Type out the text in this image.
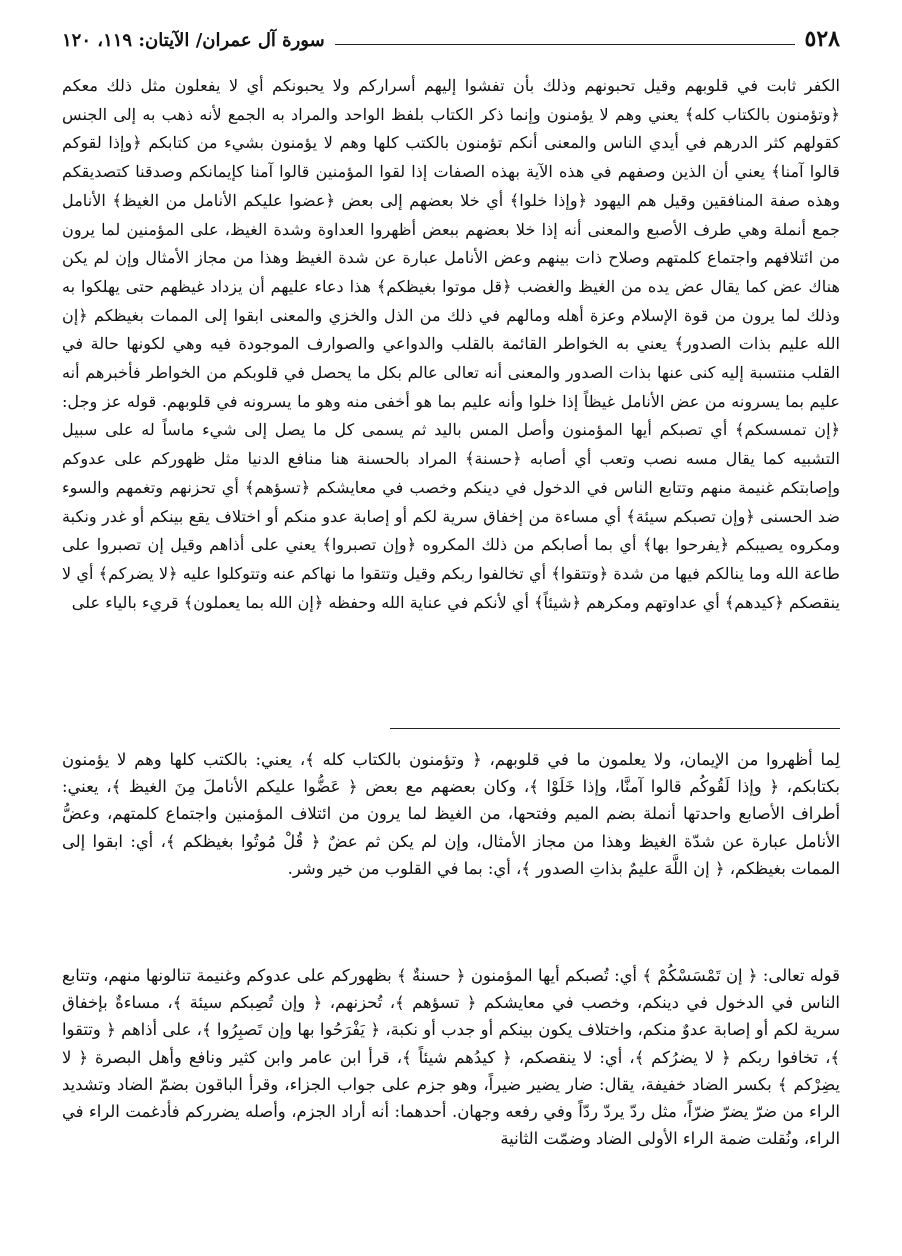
٥٢٨
سورة آل عمران/ الآيتان: ١١٩، ١٢٠

الكفر ثابت في قلوبهم وقيل تحبونهم وذلك بأن تفشوا إليهم أسراركم ولا يحبونكم أي لا يفعلون مثل ذلك معكم ﴿وتؤمنون بالكتاب كله﴾ يعني وهم لا يؤمنون وإنما ذكر الكتاب بلفظ الواحد والمراد به الجمع لأنه ذهب به إلى الجنس كقولهم كثر الدرهم في أيدي الناس والمعنى أنكم تؤمنون بالكتب كلها وهم لا يؤمنون بشيء من كتابكم ﴿وإذا لقوكم قالوا آمنا﴾ يعني أن الذين وصفهم في هذه الآية بهذه الصفات إذا لقوا المؤمنين قالوا آمنا كإيمانكم وصدقنا كتصديقكم وهذه صفة المنافقين وقيل هم اليهود ﴿وإذا خلوا﴾ أي خلا بعضهم إلى بعض ﴿عضوا عليكم الأنامل من الغيظ﴾ الأنامل جمع أنملة وهي طرف الأصبع والمعنى أنه إذا خلا بعضهم ببعض أظهروا العداوة وشدة الغيظ، على المؤمنين لما يرون من ائتلافهم واجتماع كلمتهم وصلاح ذات بينهم وعض الأنامل عبارة عن شدة الغيظ وهذا من مجاز الأمثال وإن لم يكن هناك عض كما يقال عض يده من الغيظ والغضب ﴿قل موتوا بغيظكم﴾ هذا دعاء عليهم أن يزداد غيظهم حتى يهلكوا به وذلك لما يرون من قوة الإسلام وعزة أهله ومالهم في ذلك من الذل والخزي والمعنى ابقوا إلى الممات بغيظكم ﴿إن الله عليم بذات الصدور﴾ يعني به الخواطر القائمة بالقلب والدواعي والصوارف الموجودة فيه وهي لكونها حالة في القلب منتسبة إليه كنى عنها بذات الصدور والمعنى أنه تعالى عالم بكل ما يحصل في قلوبكم من الخواطر فأخبرهم أنه عليم بما يسرونه من عض الأنامل غيظاً إذا خلوا وأنه عليم بما هو أخفى منه وهو ما يسرونه في قلوبهم. قوله عز وجل: ﴿إن تمسسكم﴾ أي تصبكم أيها المؤمنون وأصل المس باليد ثم يسمى كل ما يصل إلى شيء ماساً له على سبيل التشبيه كما يقال مسه نصب وتعب أي أصابه ﴿حسنة﴾ المراد بالحسنة هنا منافع الدنيا مثل ظهوركم على عدوكم وإصابتكم غنيمة منهم وتتابع الناس في الدخول في دينكم وخصب في معايشكم ﴿تسؤهم﴾ أي تحزنهم وتغمهم والسوء ضد الحسنى ﴿وإن تصبكم سيئة﴾ أي مساءة من إخفاق سرية لكم أو إصابة عدو منكم أو اختلاف يقع بينكم أو غدر ونكبة ومكروه يصيبكم ﴿يفرحوا بها﴾ أي بما أصابكم من ذلك المكروه ﴿وإن تصبروا﴾ يعني على أذاهم وقيل إن تصبروا على طاعة الله وما ينالكم فيها من شدة ﴿وتتقوا﴾ أي تخالفوا ربكم وقيل وتتقوا ما نهاكم عنه وتتوكلوا عليه ﴿لا يضركم﴾ أي لا ينقصكم ﴿كيدهم﴾ أي عداوتهم ومكرهم ﴿شيئاً﴾ أي لأنكم في عناية الله وحفظه ﴿إن الله بما يعملون﴾ قريء بالياء على

لِما أظهروا من الإيمان، ولا يعلمون ما في قلوبهم، ﴿ وتؤمنون بالكتاب كله ﴾، يعني: بالكتب كلها وهم لا يؤمنون بكتابكم، ﴿ وإذا لَقُوكُم قالوا آمنَّا، وإذا خَلَوْا ﴾، وكان بعضهم مع بعض ﴿ عَضُّوا عليكم الأناملَ مِنَ الغيظ ﴾، يعني: أطراف الأصابع واحدتها أنملة بضم الميم وفتحها، من الغيظ لما يرون من ائتلاف المؤمنين واجتماع كلمتهم، وعضُّ الأنامل عبارة عن شدّة الغيظ وهذا من مجاز الأمثال، وإن لم يكن ثم عضٌ ﴿ قُلْ مُوتُوا بغيظكم ﴾، أي: ابقوا إلى الممات بغيظكم، ﴿ إن اللَّهَ عليمٌ بذاتِ الصدور ﴾، أي: بما في القلوب من خير وشر.

قوله تعالى: ﴿ إن تَمْسَسْكُمْ ﴾ أي: تُصبكم أيها المؤمنون ﴿ حسنةٌ ﴾ بظهوركم على عدوكم وغنيمة تنالونها منهم، وتتابع الناس في الدخول في دينكم، وخصب في معايشكم ﴿ تسؤهم ﴾، تُحزنهم، ﴿ وإن تُصِبكم سيئة ﴾، مساءةٌ بإخفاق سرية لكم أو إصابة عدوٌ منكم، واختلاف يكون بينكم أو جدب أو نكبة، ﴿ يَفْرَحُوا بها وإن تَصبِرُوا ﴾، على أذاهم ﴿ وتتقوا ﴾، تخافوا ربكم ﴿ لا يضرُكم ﴾، أي: لا ينقصكم، ﴿ كيدُهم شيئاً ﴾، قرأ ابن عامر وابن كثير ونافع وأهل البصرة ﴿ لا يضِرْكم ﴾ بكسر الضاد خفيفة، يقال: ضار يضير ضيراً، وهو جزم على جواب الجزاء، وقرأ الباقون بضمّ الضاد وتشديد الراء من ضرّ يضرّ ضرّاً، مثل ردّ يردّ ردّاً وفي رفعه وجهان. أحدهما: أنه أراد الجزم، وأصله يضررکم فأدغمت الراء في الراء، ونُقلت ضمة الراء الأولى الضاد وضمّت الثانية
